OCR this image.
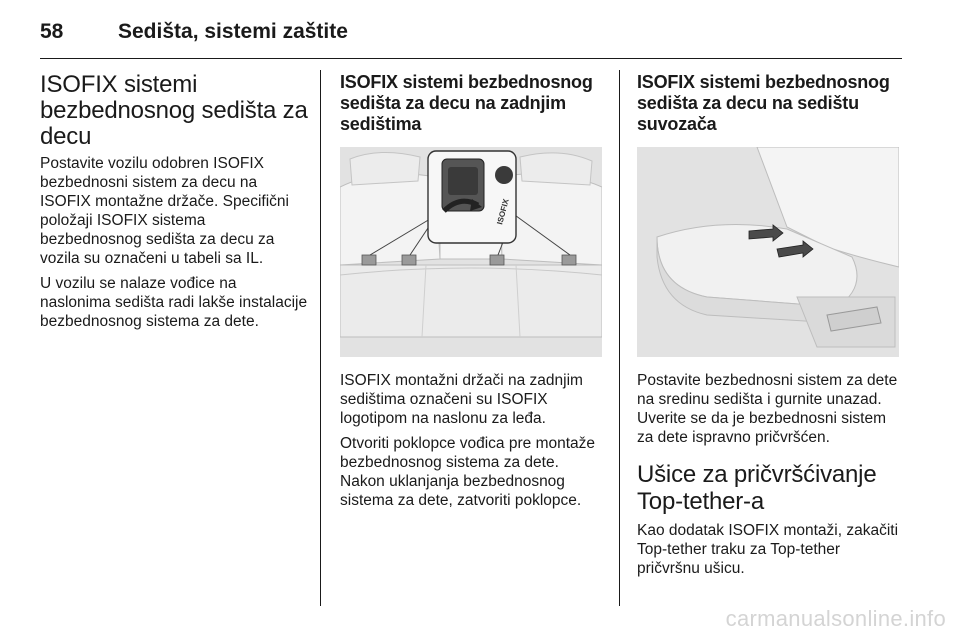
58	Sedišta, sistemi zaštite
ISOFIX sistemi bezbednosnog sedišta za decu

Postavite vozilu odobren ISOFIX bezbednosni sistem za decu na ISOFIX montažne držače. Specifični položaji ISOFIX sistema bezbednosnog sedišta za decu za vozila su označeni u tabeli sa IL.

U vozilu se nalaze vođice na naslonima sedišta radi lakše instalacije bezbednosnog sistema za dete.

ISOFIX sistemi bezbednosnog sedišta za decu na zadnjim sedištima
ISOFIX

ISOFIX montažni držači na zadnjim sedištima označeni su ISOFIX logotipom na naslonu za leđa.

Otvoriti poklopce vođica pre montaže bezbednosnog sistema za dete. Nakon uklanjanja bezbednosnog sistema za dete, zatvoriti poklopce.

ISOFIX sistemi bezbednosnog sedišta za decu na sedištu suvozača

Postavite bezbednosni sistem za dete na sredinu sedišta i gurnite unazad. Uverite se da je bezbednosni sistem za dete ispravno pričvršćen.

Ušice za pričvršćivanje Top-tether-a

Kao dodatak ISOFIX montaži, zakačiti Top-tether traku za Top-tether pričvršnu ušicu.

carmanualsonline.info
